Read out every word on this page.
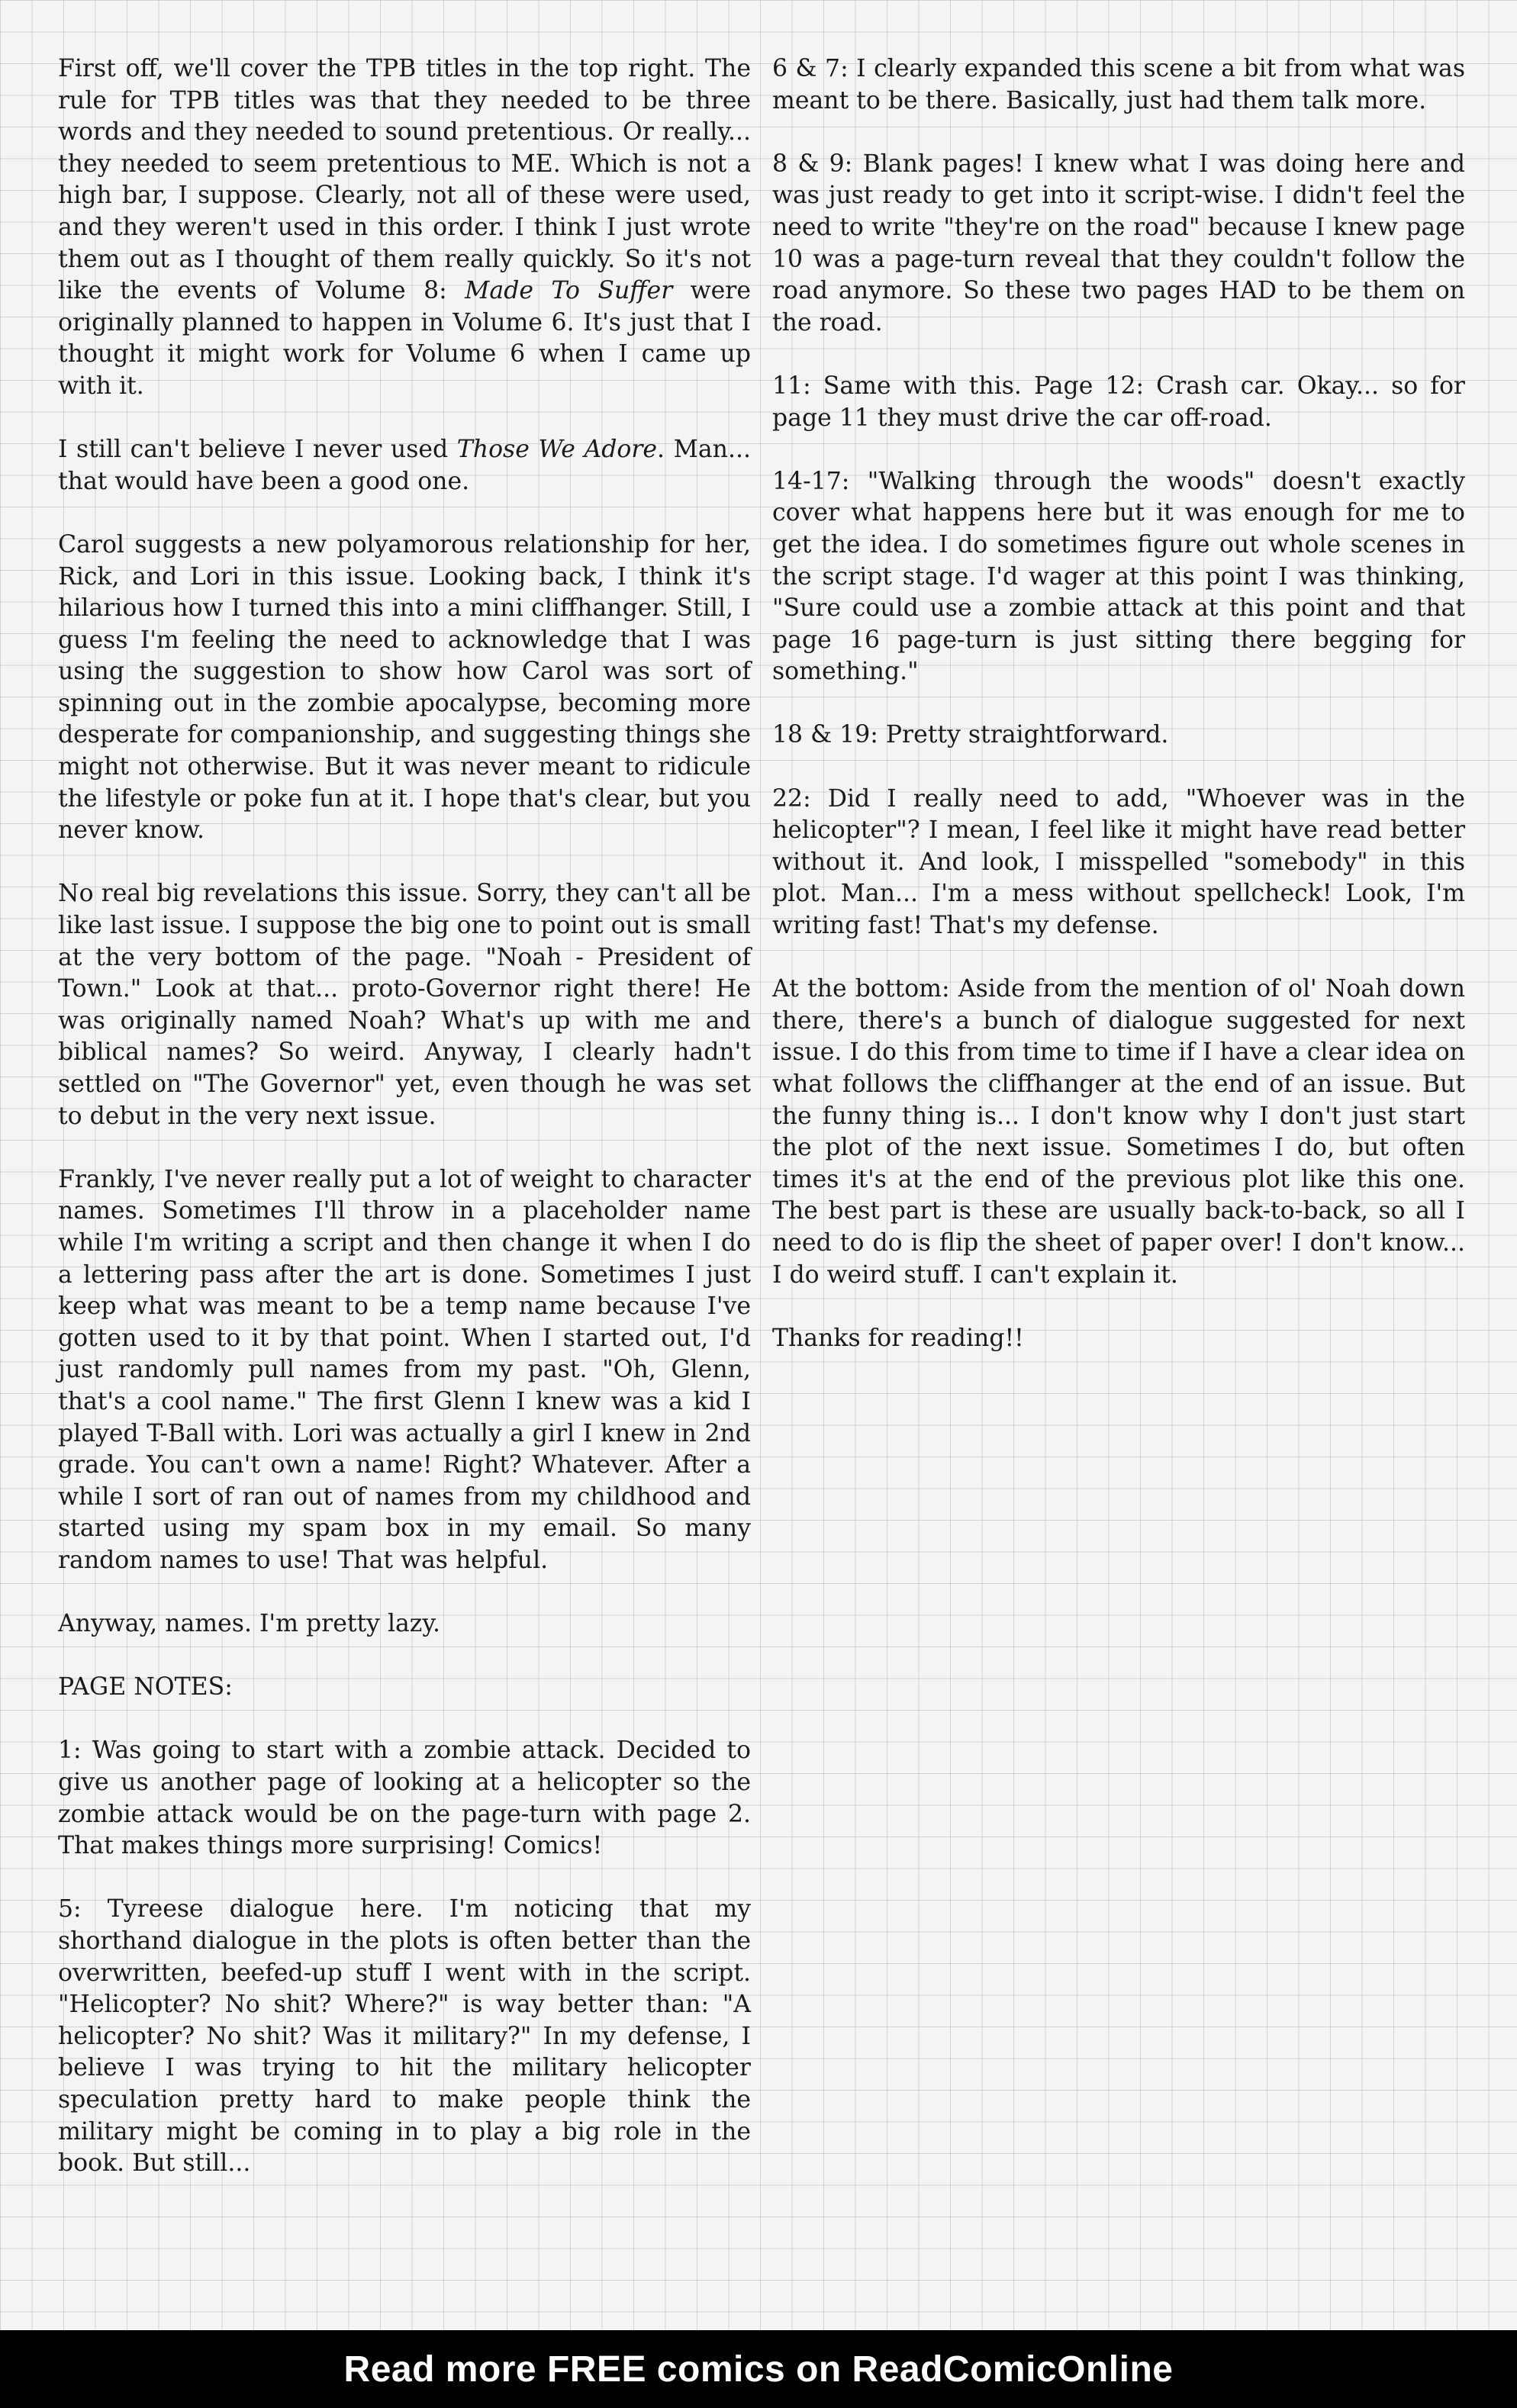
First off, we'll cover the TPB titles in the top right. The rule for TPB titles was that they needed to be three words and they needed to sound pretentious. Or really... they needed to seem pretentious to ME. Which is not a high bar, I suppose. Clearly, not all of these were used, and they weren't used in this order. I think I just wrote them out as I thought of them really quickly. So it's not like the events of Volume 8: Made To Suffer were originally planned to happen in Volume 6. It's just that I thought it might work for Volume 6 when I came up with it.

I still can't believe I never used Those We Adore. Man... that would have been a good one.

Carol suggests a new polyamorous relationship for her, Rick, and Lori in this issue. Looking back, I think it's hilarious how I turned this into a mini cliffhanger. Still, I guess I'm feeling the need to acknowledge that I was using the suggestion to show how Carol was sort of spinning out in the zombie apocalypse, becoming more desperate for companionship, and suggesting things she might not otherwise. But it was never meant to ridicule the lifestyle or poke fun at it. I hope that's clear, but you never know.

No real big revelations this issue. Sorry, they can't all be like last issue. I suppose the big one to point out is small at the very bottom of the page. "Noah - President of Town." Look at that... proto-Governor right there! He was originally named Noah? What's up with me and biblical names? So weird. Anyway, I clearly hadn't settled on "The Governor" yet, even though he was set to debut in the very next issue.

Frankly, I've never really put a lot of weight to character names. Sometimes I'll throw in a placeholder name while I'm writing a script and then change it when I do a lettering pass after the art is done. Sometimes I just keep what was meant to be a temp name because I've gotten used to it by that point. When I started out, I'd just randomly pull names from my past. "Oh, Glenn, that's a cool name." The first Glenn I knew was a kid I played T-Ball with. Lori was actually a girl I knew in 2nd grade. You can't own a name! Right? Whatever. After a while I sort of ran out of names from my childhood and started using my spam box in my email. So many random names to use! That was helpful.

Anyway, names. I'm pretty lazy.

PAGE NOTES:

1: Was going to start with a zombie attack. Decided to give us another page of looking at a helicopter so the zombie attack would be on the page-turn with page 2. That makes things more surprising! Comics!

5: Tyreese dialogue here. I'm noticing that my shorthand dialogue in the plots is often better than the overwritten, beefed-up stuff I went with in the script. "Helicopter? No shit? Where?" is way better than: "A helicopter? No shit? Was it military?" In my defense, I believe I was trying to hit the military helicopter speculation pretty hard to make people think the military might be coming in to play a big role in the book. But still...

6 & 7: I clearly expanded this scene a bit from what was meant to be there. Basically, just had them talk more.

8 & 9: Blank pages! I knew what I was doing here and was just ready to get into it script-wise. I didn't feel the need to write "they're on the road" because I knew page 10 was a page-turn reveal that they couldn't follow the road anymore. So these two pages HAD to be them on the road.

11: Same with this. Page 12: Crash car. Okay... so for page 11 they must drive the car off-road.

14-17: "Walking through the woods" doesn't exactly cover what happens here but it was enough for me to get the idea. I do sometimes figure out whole scenes in the script stage. I'd wager at this point I was thinking, "Sure could use a zombie attack at this point and that page 16 page-turn is just sitting there begging for something."

18 & 19: Pretty straightforward.

22: Did I really need to add, "Whoever was in the helicopter"? I mean, I feel like it might have read better without it. And look, I misspelled "somebody" in this plot. Man... I'm a mess without spellcheck! Look, I'm writing fast! That's my defense.

At the bottom: Aside from the mention of ol' Noah down there, there's a bunch of dialogue suggested for next issue. I do this from time to time if I have a clear idea on what follows the cliffhanger at the end of an issue. But the funny thing is... I don't know why I don't just start the plot of the next issue. Sometimes I do, but often times it's at the end of the previous plot like this one. The best part is these are usually back-to-back, so all I need to do is flip the sheet of paper over! I don't know... I do weird stuff. I can't explain it.

Thanks for reading!!

Read more FREE comics on ReadComicOnline
